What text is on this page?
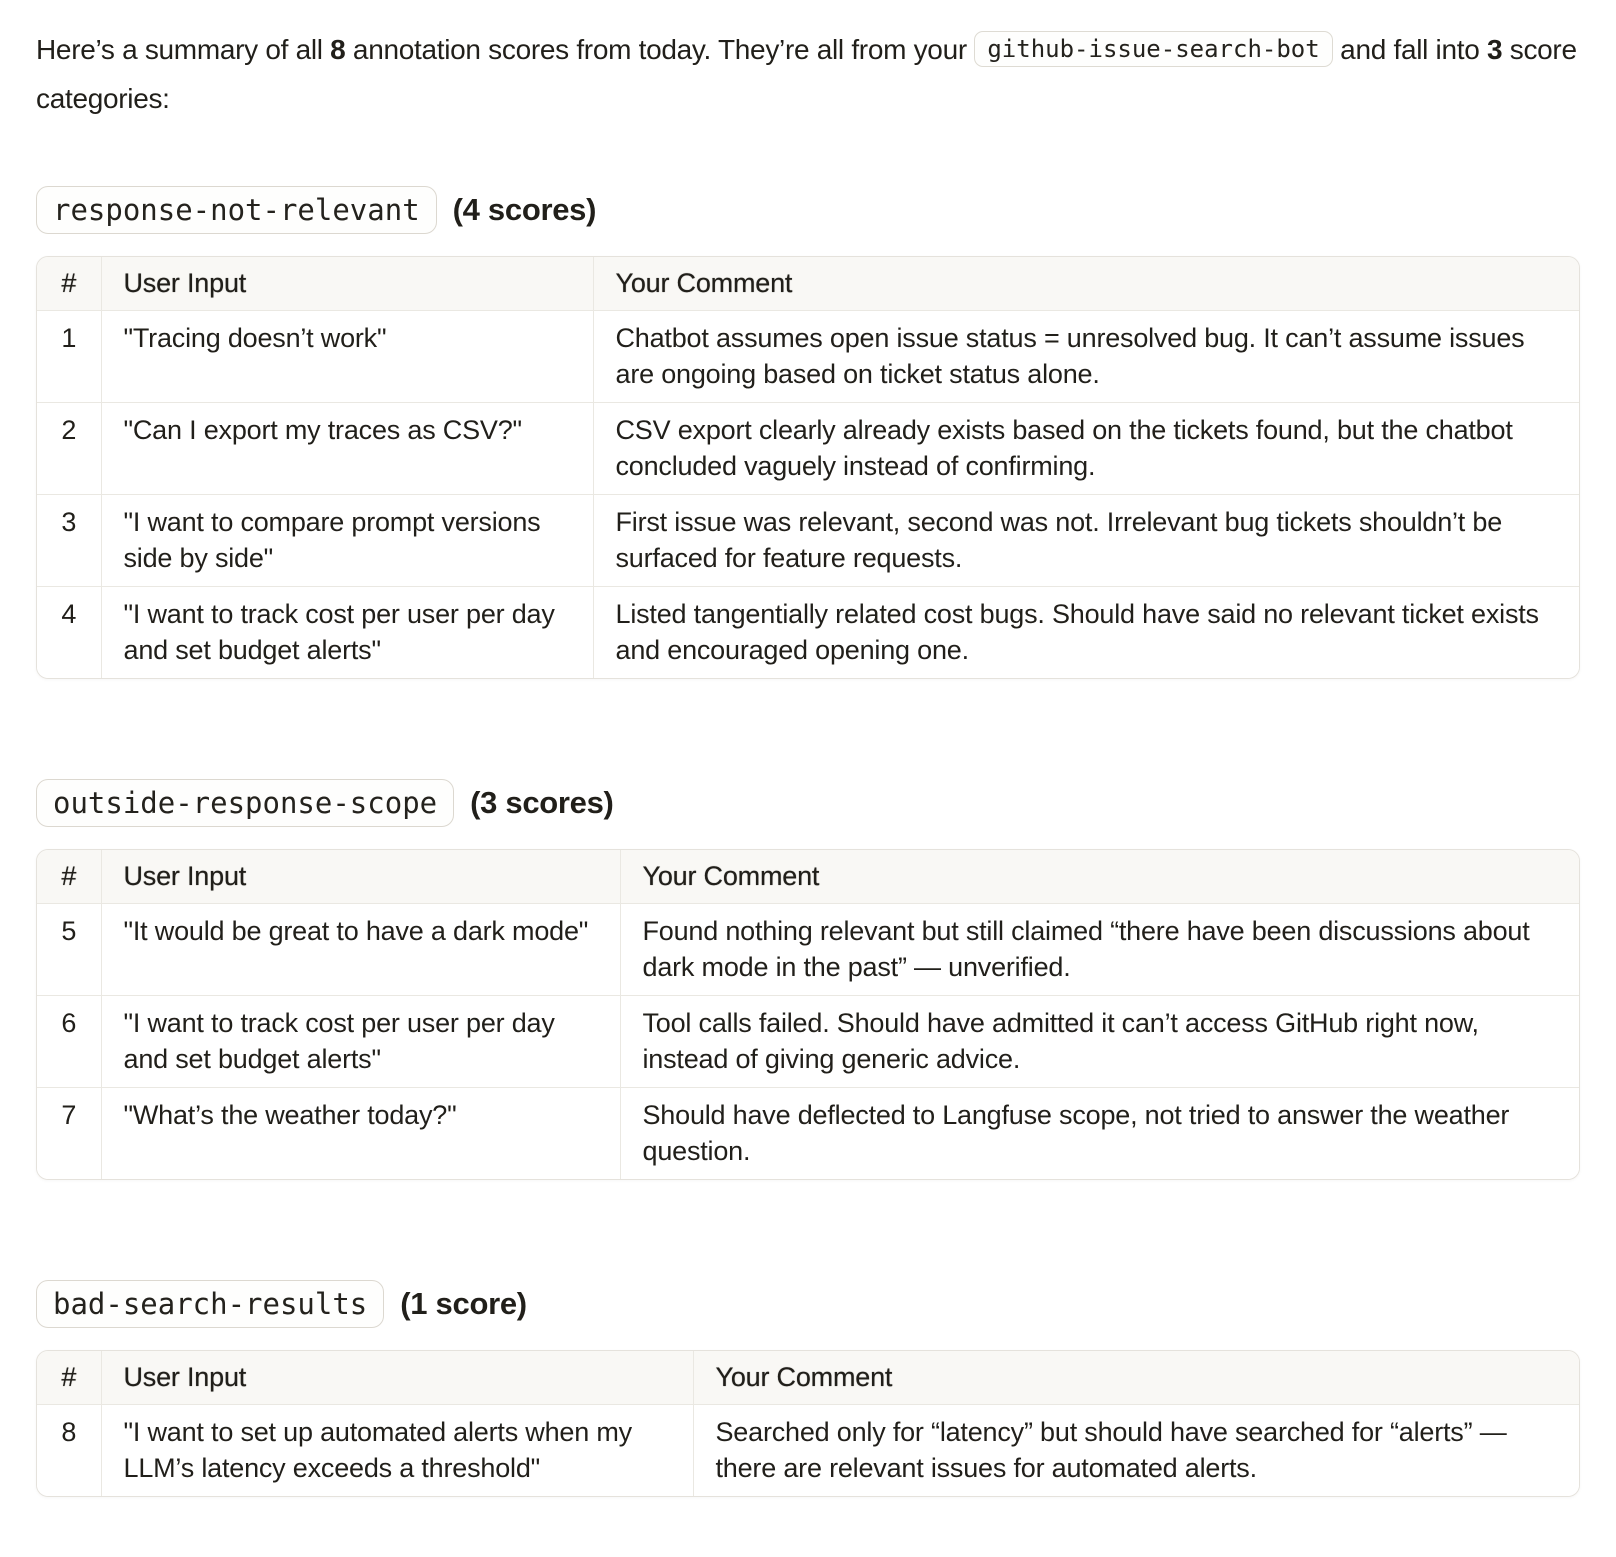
Here’s a summary of all 8 annotation scores from today. They’re all from your github-issue-search-bot and fall into 3 score categories:

response-not-relevant	(4 scores)
#	User Input	Your Comment
1	"Tracing doesn’t work"	Chatbot assumes open issue status = unresolved bug. It can’t assume issues are ongoing based on ticket status alone.
2	"Can I export my traces as CSV?"	CSV export clearly already exists based on the tickets found, but the chatbot concluded vaguely instead of confirming.
3	"I want to compare prompt versions side by side"	First issue was relevant, second was not. Irrelevant bug tickets shouldn’t be surfaced for feature requests.
4	"I want to track cost per user per day and set budget alerts"	Listed tangentially related cost bugs. Should have said no relevant ticket exists and encouraged opening one.
outside-response-scope	(3 scores)
#	User Input	Your Comment
5	"It would be great to have a dark mode"	Found nothing relevant but still claimed “there have been discussions about dark mode in the past” — unverified.
6	"I want to track cost per user per day and set budget alerts"	Tool calls failed. Should have admitted it can’t access GitHub right now, instead of giving generic advice.
7	"What’s the weather today?"	Should have deflected to Langfuse scope, not tried to answer the weather question.
bad-search-results	(1 score)
#	User Input	Your Comment
8	"I want to set up automated alerts when my LLM’s latency exceeds a threshold"	Searched only for “latency” but should have searched for “alerts” — there are relevant issues for automated alerts.
